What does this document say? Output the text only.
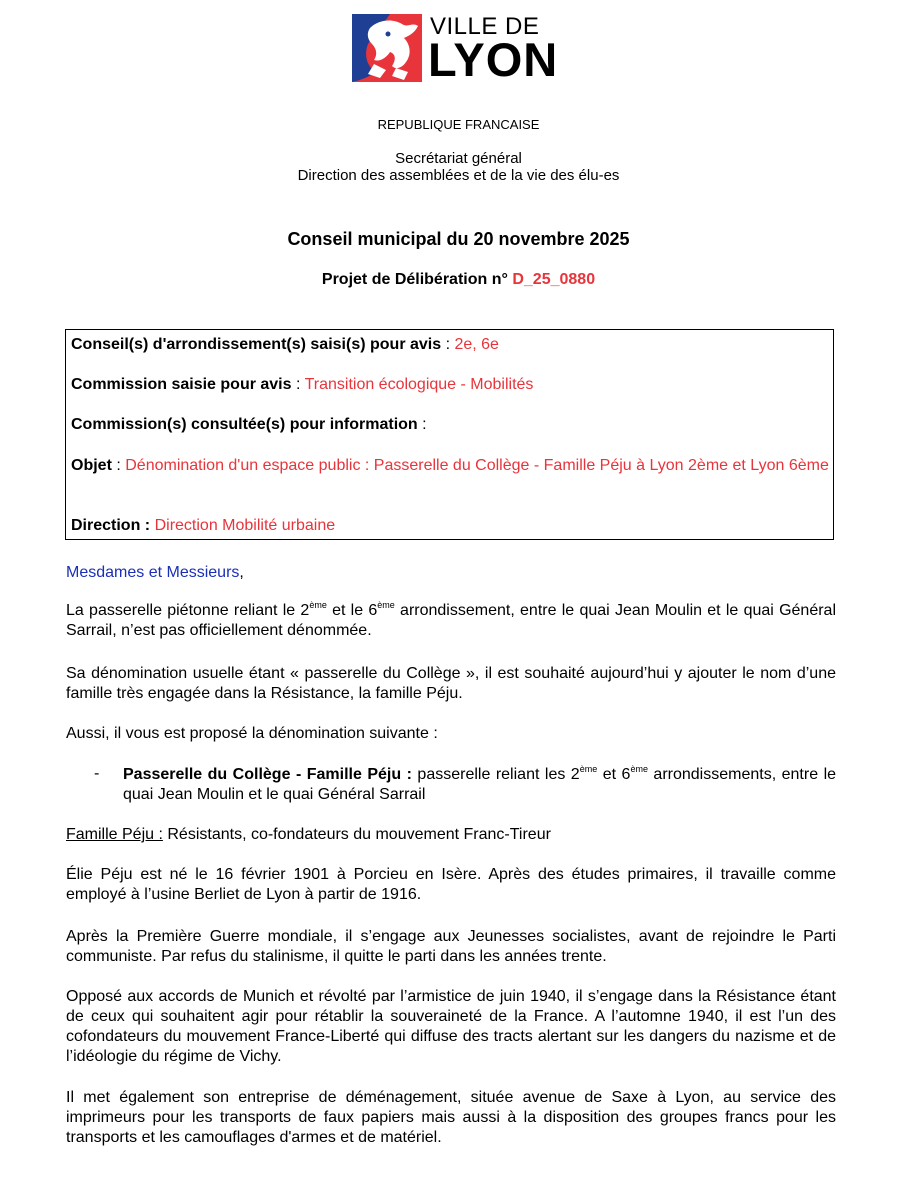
VILLE DE
LYON
REPUBLIQUE FRANCAISE
Secrétariat général
Direction des assemblées et de la vie des élu-es
Conseil municipal du 20 novembre 2025
Projet de Délibération n° D_25_0880
Conseil(s) d'arrondissement(s) saisi(s) pour avis : 2e, 6e
Commission saisie pour avis : Transition écologique - Mobilités
Commission(s) consultée(s) pour information :
Objet : Dénomination d'un espace public : Passerelle du Collège - Famille Péju à Lyon 2ème et Lyon 6ème
Direction : Direction Mobilité urbaine
Mesdames et Messieurs,
La passerelle piétonne reliant le 2ème et le 6ème arrondissement, entre le quai Jean Moulin et le quai Général Sarrail, n’est pas officiellement dénommée.
Sa dénomination usuelle étant « passerelle du Collège », il est souhaité aujourd’hui y ajouter le nom d’une famille très engagée dans la Résistance, la famille Péju.
Aussi, il vous est proposé la dénomination suivante :
- Passerelle du Collège - Famille Péju : passerelle reliant les 2ème et 6ème arrondissements, entre le quai Jean Moulin et le quai Général Sarrail
Famille Péju : Résistants, co-fondateurs du mouvement Franc-Tireur
Élie Péju est né le 16 février 1901 à Porcieu en Isère. Après des études primaires, il travaille comme employé à l’usine Berliet de Lyon à partir de 1916.
Après la Première Guerre mondiale, il s’engage aux Jeunesses socialistes, avant de rejoindre le Parti communiste. Par refus du stalinisme, il quitte le parti dans les années trente.
Opposé aux accords de Munich et révolté par l’armistice de juin 1940, il s’engage dans la Résistance étant de ceux qui souhaitent agir pour rétablir la souveraineté de la France. A l’automne 1940, il est l’un des cofondateurs du mouvement France-Liberté qui diffuse des tracts alertant sur les dangers du nazisme et de l’idéologie du régime de Vichy.
Il met également son entreprise de déménagement, située avenue de Saxe à Lyon, au service des imprimeurs pour les transports de faux papiers mais aussi à la disposition des groupes francs pour les transports et les camouflages d'armes et de matériel.
